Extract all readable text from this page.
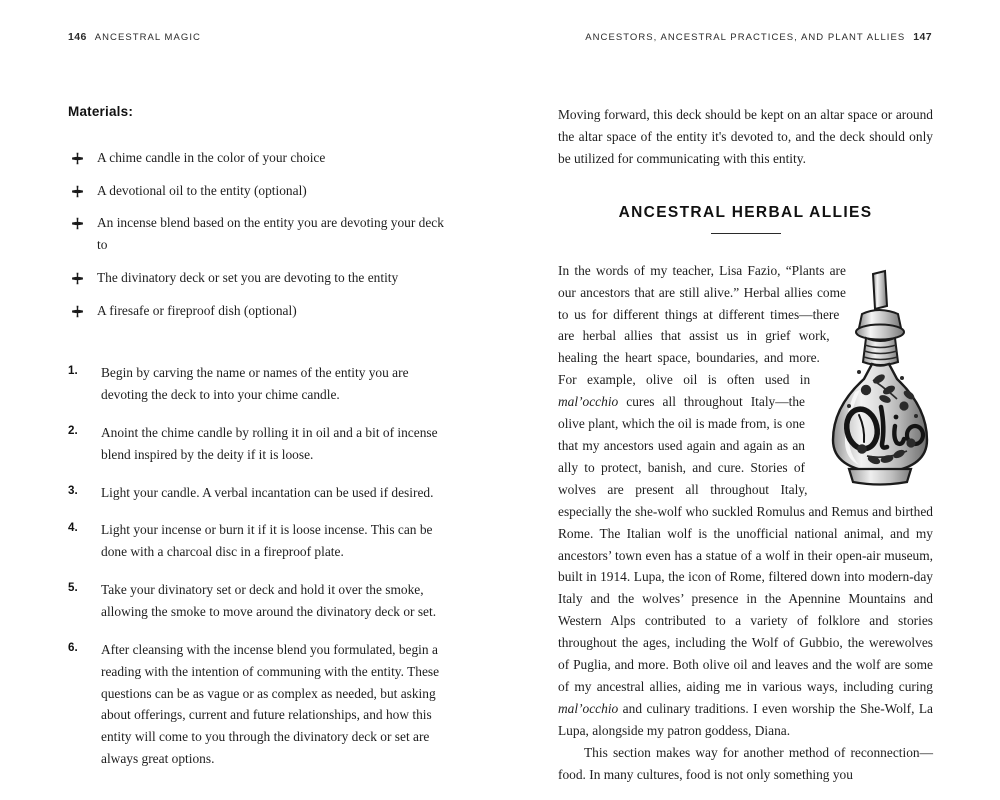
146 ANCESTRAL MAGIC	ANCESTORS, ANCESTRAL PRACTICES, AND PLANT ALLIES 147
Materials:
A chime candle in the color of your choice
A devotional oil to the entity (optional)
An incense blend based on the entity you are devoting your deck to
The divinatory deck or set you are devoting to the entity
A firesafe or fireproof dish (optional)
1. Begin by carving the name or names of the entity you are devoting the deck to into your chime candle.
2. Anoint the chime candle by rolling it in oil and a bit of incense blend inspired by the deity if it is loose.
3. Light your candle. A verbal incantation can be used if desired.
4. Light your incense or burn it if it is loose incense. This can be done with a charcoal disc in a fireproof plate.
5. Take your divinatory set or deck and hold it over the smoke, allowing the smoke to move around the divinatory deck or set.
6. After cleansing with the incense blend you formulated, begin a reading with the intention of communing with the entity. These questions can be as vague or as complex as needed, but asking about offerings, current and future relationships, and how this entity will come to you through the divinatory deck or set are always great options.

Moving forward, this deck should be kept on an altar space or around the altar space of the entity it's devoted to, and the deck should only be utilized for communicating with this entity.

ANCESTRAL HERBAL ALLIES

In the words of my teacher, Lisa Fazio, “Plants are our ancestors that are still alive.” Herbal allies come to us for different things at different times—there are herbal allies that assist us in grief work, healing the heart space, boundaries, and more. For example, olive oil is often used in mal’occhio cures all throughout Italy—the olive plant, which the oil is made from, is one that my ancestors used again and again as an ally to protect, banish, and cure. Stories of wolves are present all throughout Italy, especially the she-wolf who suckled Romulus and Remus and birthed Rome. The Italian wolf is the unofficial national animal, and my ancestors’ town even has a statue of a wolf in their open-air museum, built in 1914. Lupa, the icon of Rome, filtered down into modern-day Italy and the wolves’ presence in the Apennine Mountains and Western Alps contributed to a variety of folklore and stories throughout the ages, including the Wolf of Gubbio, the werewolves of Puglia, and more. Both olive oil and leaves and the wolf are some of my ancestral allies, aiding me in various ways, including curing mal’occhio and culinary traditions. I even worship the She-Wolf, La Lupa, alongside my patron goddess, Diana.

This section makes way for another method of reconnection—food. In many cultures, food is not only something you
